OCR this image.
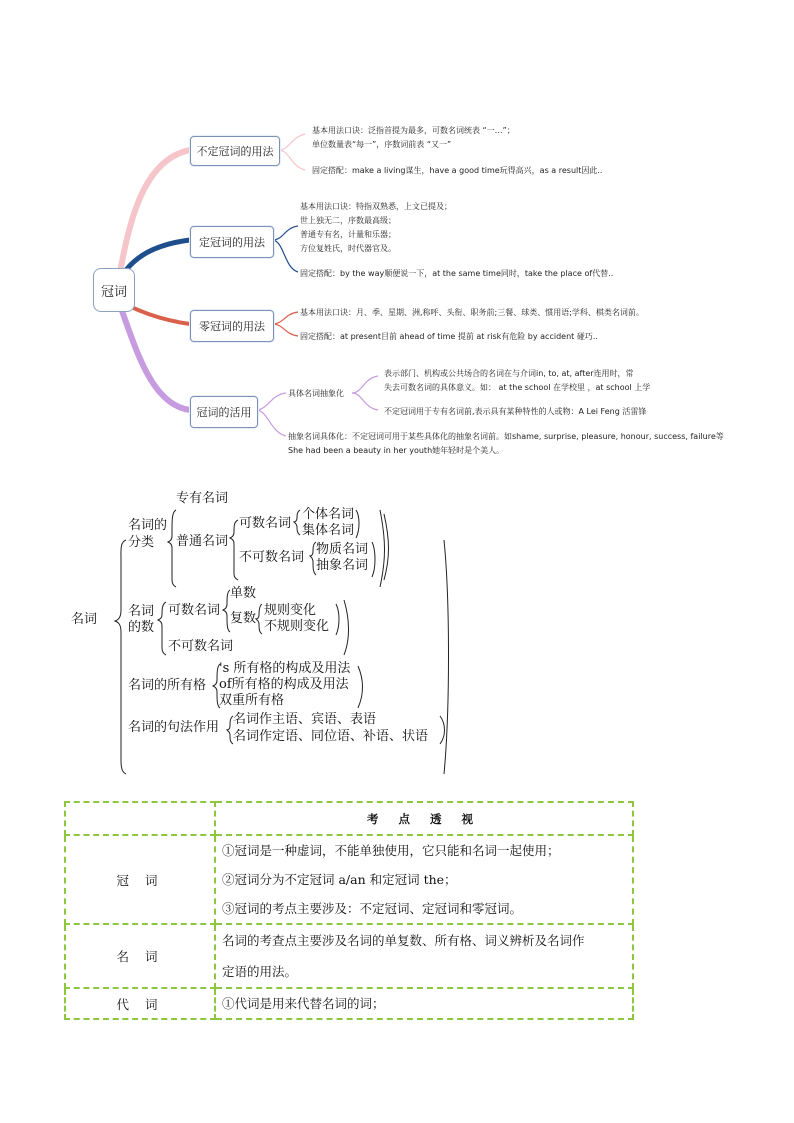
冠词
不定冠词的用法
定冠词的用法
零冠词的用法
冠词的活用
基本用法口诀：泛指首提为最多，可数名词统表 “一…”；
单位数量表“每一”，序数词前表 “又一”
固定搭配：make a living谋生，have a good time玩得高兴，as a result因此..
基本用法口诀：特指双熟悉，上文已提及；
世上独无二，序数最高级；
普通专有名，计量和乐器；
方位复姓氏，时代器官及。
固定搭配：by the way顺便说一下，at the same time同时，take the place of代替..
基本用法口诀：月、季、星期、洲,称呼、头衔、职务前;三餐、球类、惯用语;学科、棋类名词前。
固定搭配：at present目前 ahead of time 提前 at risk有危险 by accident 碰巧..
具体名词抽象化
表示部门、机构或公共场合的名词在与介词in, to, at, after连用时，常
失去可数名词的具体意义。如： at the school 在学校里 ，at school 上学
不定冠词用于专有名词前,表示具有某种特性的人或物：A Lei Feng 活雷锋
抽象名词具体化：不定冠词可用于某些具体化的抽象名词前。如shame, surprise, pleasure, honour, success, failure等
She had been a beauty in her youth她年轻时是个美人。
名词
名词的
分类
专有名词
普通名词
可数名词
个体名词
集体名词
不可数名词
物质名词
抽象名词
名词
的数
可数名词
单数
复数
规则变化
不规则变化
不可数名词
名词的所有格
's 所有格的构成及用法
of所有格的构成及用法
双重所有格
名词的句法作用
名词作主语、宾语、表语
名词作定语、同位语、补语、状语
	考 点 透 视
冠 词	①冠词是一种虚词，不能单独使用，它只能和名词一起使用；
②冠词分为不定冠词 a/an 和定冠词 the；
③冠词的考点主要涉及：不定冠词、定冠词和零冠词。

名 词	名词的考查点主要涉及名词的单复数、所有格、词义辨析及名词作
定语的用法。

代 词	①代词是用来代替名词的词；
